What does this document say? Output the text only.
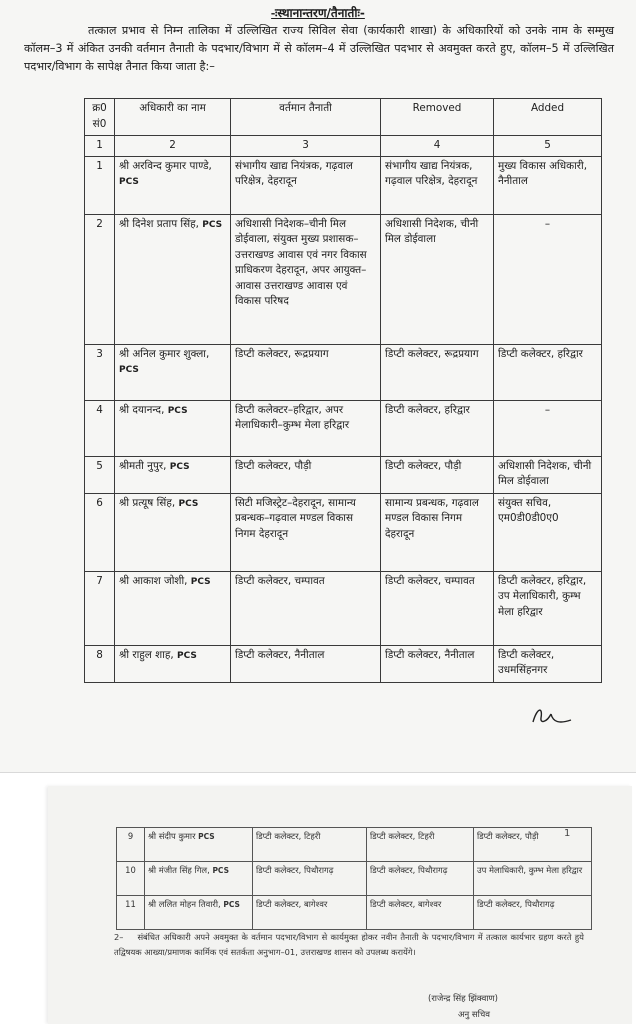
-ःस्थानान्तरण/तैनातीः-

तत्काल प्रभाव से निम्न तालिका में उल्लिखित राज्य सिविल सेवा (कार्यकारी शाखा) के अधिकारियों को उनके नाम के सम्मुख कॉलम–3 में अंकित उनकी वर्तमान तैनाती के पदभार/विभाग में से कॉलम–4 में उल्लिखित पदभार से अवमुक्त करते हुए, कॉलम–5 में उल्लिखित पदभार/विभाग के सापेक्ष तैनात किया जाता है:–

क्र0 सं0	अधिकारी का नाम	वर्तमान तैनाती	Removed	Added
1	2	3	4	5
1	श्री अरविन्द कुमार पाण्डे, PCS	संभागीय खाद्य नियंत्रक, गढ़वाल परिक्षेत्र, देहरादून	संभागीय खाद्य नियंत्रक, गढ़वाल परिक्षेत्र, देहरादून	मुख्य विकास अधिकारी, नैनीताल
2	श्री दिनेश प्रताप सिंह, PCS	अधिशासी निदेशक–चीनी मिल डोईवाला, संयुक्त मुख्य प्रशासक–उत्तराखण्ड आवास एवं नगर विकास प्राधिकरण देहरादून, अपर आयुक्त–आवास उत्तराखण्ड आवास एवं विकास परिषद	अधिशासी निदेशक, चीनी मिल डोईवाला	–
3	श्री अनिल कुमार शुक्ला, PCS	डिप्टी कलेक्टर, रूद्रप्रयाग	डिप्टी कलेक्टर, रूद्रप्रयाग	डिप्टी कलेक्टर, हरिद्वार
4	श्री दयानन्द, PCS	डिप्टी कलेक्टर–हरिद्वार, अपर मेलाधिकारी–कुम्भ मेला हरिद्वार	डिप्टी कलेक्टर, हरिद्वार	–
5	श्रीमती नुपुर, PCS	डिप्टी कलेक्टर, पौड़ी	डिप्टी कलेक्टर, पौड़ी	अधिशासी निदेशक, चीनी मिल डोईवाला
6	श्री प्रत्यूष सिंह, PCS	सिटी मजिस्ट्रेट–देहरादून, सामान्य प्रबन्धक–गढ़वाल मण्डल विकास निगम देहरादून	सामान्य प्रबन्धक, गढ़वाल मण्डल विकास निगम देहरादून	संयुक्त सचिव, एम0डी0डी0ए0
7	श्री आकाश जोशी, PCS	डिप्टी कलेक्टर, चम्पावत	डिप्टी कलेक्टर, चम्पावत	डिप्टी कलेक्टर, हरिद्वार, उप मेलाधिकारी, कुम्भ मेला हरिद्वार
8	श्री राहुल शाह, PCS	डिप्टी कलेक्टर, नैनीताल	डिप्टी कलेक्टर, नैनीताल	डिप्टी कलेक्टर, उधमसिंहनगर
9	श्री संदीप कुमार PCS	डिप्टी कलेक्टर, टिहरी	डिप्टी कलेक्टर, टिहरी	डिप्टी कलेक्टर, पौड़ी
10	श्री मंजीत सिंह गिल, PCS	डिप्टी कलेक्टर, पिथौरागढ़	डिप्टी कलेक्टर, पिथौरागढ़	उप मेलाधिकारी, कुम्भ मेला हरिद्वार
11	श्री ललित मोहन तिवारी, PCS	डिप्टी कलेक्टर, बागेश्वर	डिप्टी कलेक्टर, बागेश्वर	डिप्टी कलेक्टर, पिथौरागढ़
1
2– संबंधित अधिकारी अपने अवमुक्त के वर्तमान पदभार/विभाग से कार्यमुक्त होकर नवीन तैनाती के पदभार/विभाग में तत्काल कार्यभार ग्रहण करते हुये तद्विषयक आख्या/प्रमाणक कार्मिक एवं सतर्कता अनुभाग–01, उत्तराखण्ड शासन को उपलब्ध करायेंगे।
(राजेन्द्र सिंह झिंक्वाण)
अनु सचिव
